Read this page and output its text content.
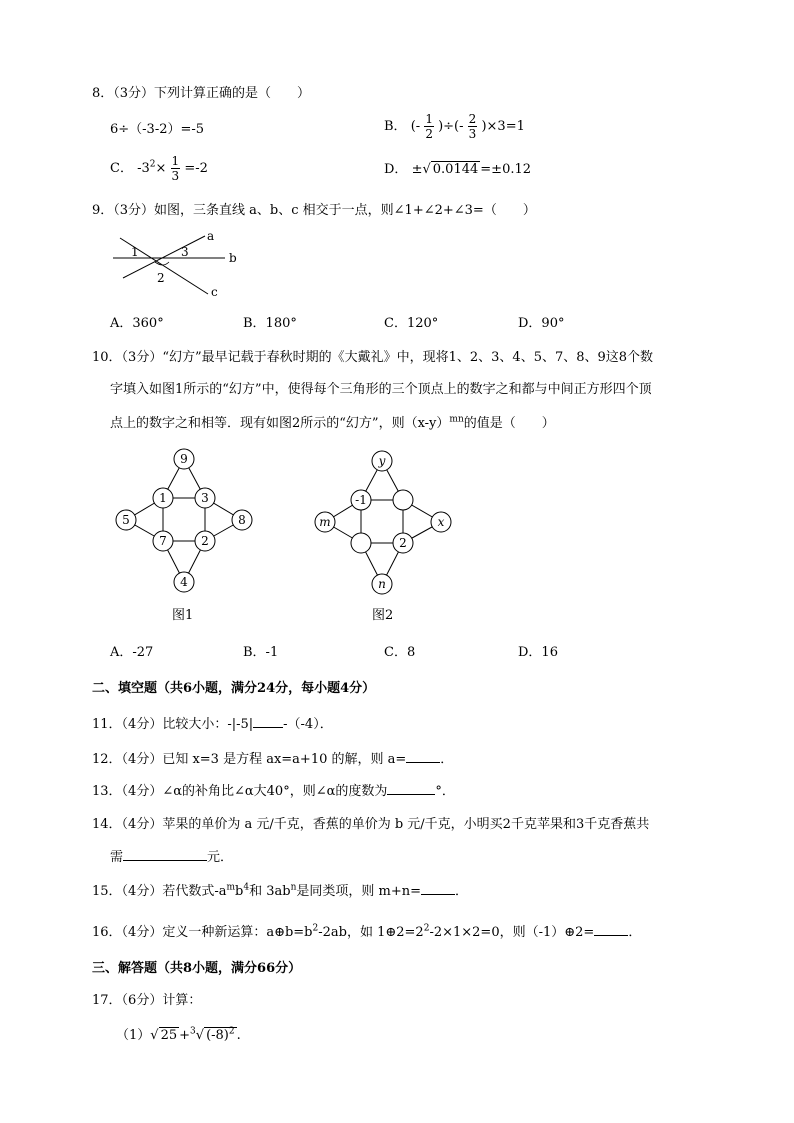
8．（3分）下列计算正确的是（　　）
6÷（-3-2）=-5	B． (- $\frac{1}{2}$ )÷(- $\frac{2}{3} )\times 3=1$
C． $-3^2\times \frac{1}{3} =-2$	D． ±√ 0.0144 =±0.12
9．（3分）如图，三条直线 a、b、c 相交于一点，则∠1+∠2+∠3=（　　）
a
b
c
1
2
3
A．360°	B．180°	C．120°	D．90°
10．（3分）“幻方”最早记载于春秋时期的《大戴礼》中，现将1、2、3、4、5、7、8、9这8个数
字填入如图1所示的“幻方”中，使得每个三角形的三个顶点上的数字之和都与中间正方形四个顶
点上的数字之和相等．现有如图2所示的“幻方”，则$(x-y)^{mn}$的值是（　　）
9
5	8
4
1	3
7	2
图1
y
m	x
n
-1
2
图2
A．-27	B．-1	C．8	D．16
二、填空题（共6小题，满分24分，每小题4分）
11．（4分）比较大小：-|-5| -（-4）．
12．（4分）已知 x=3 是方程 ax=a+10 的解，则 a=	．
13．（4分）∠α的补角比∠α大40°，则∠α的度数为	°．
14．（4分）苹果的单价为 a 元/千克，香蕉的单价为 b 元/千克，小明买2千克苹果和3千克香蕉共
需	元．
15．（4分）若代数式$-a^mb^4$和 $3ab^n$是同类项，则 m+n=	．
16．（4分）定义一种新运算：$a\oplus b=b^2-2ab$，如 $1\oplus 2=2^2-2\times 1\times 2=0$，则（-1）⊕2=	．
三、解答题（共8小题，满分66分）
17．（6分）计算：
（1）√ 25 +$^3$√ $(-8)^2$ .
